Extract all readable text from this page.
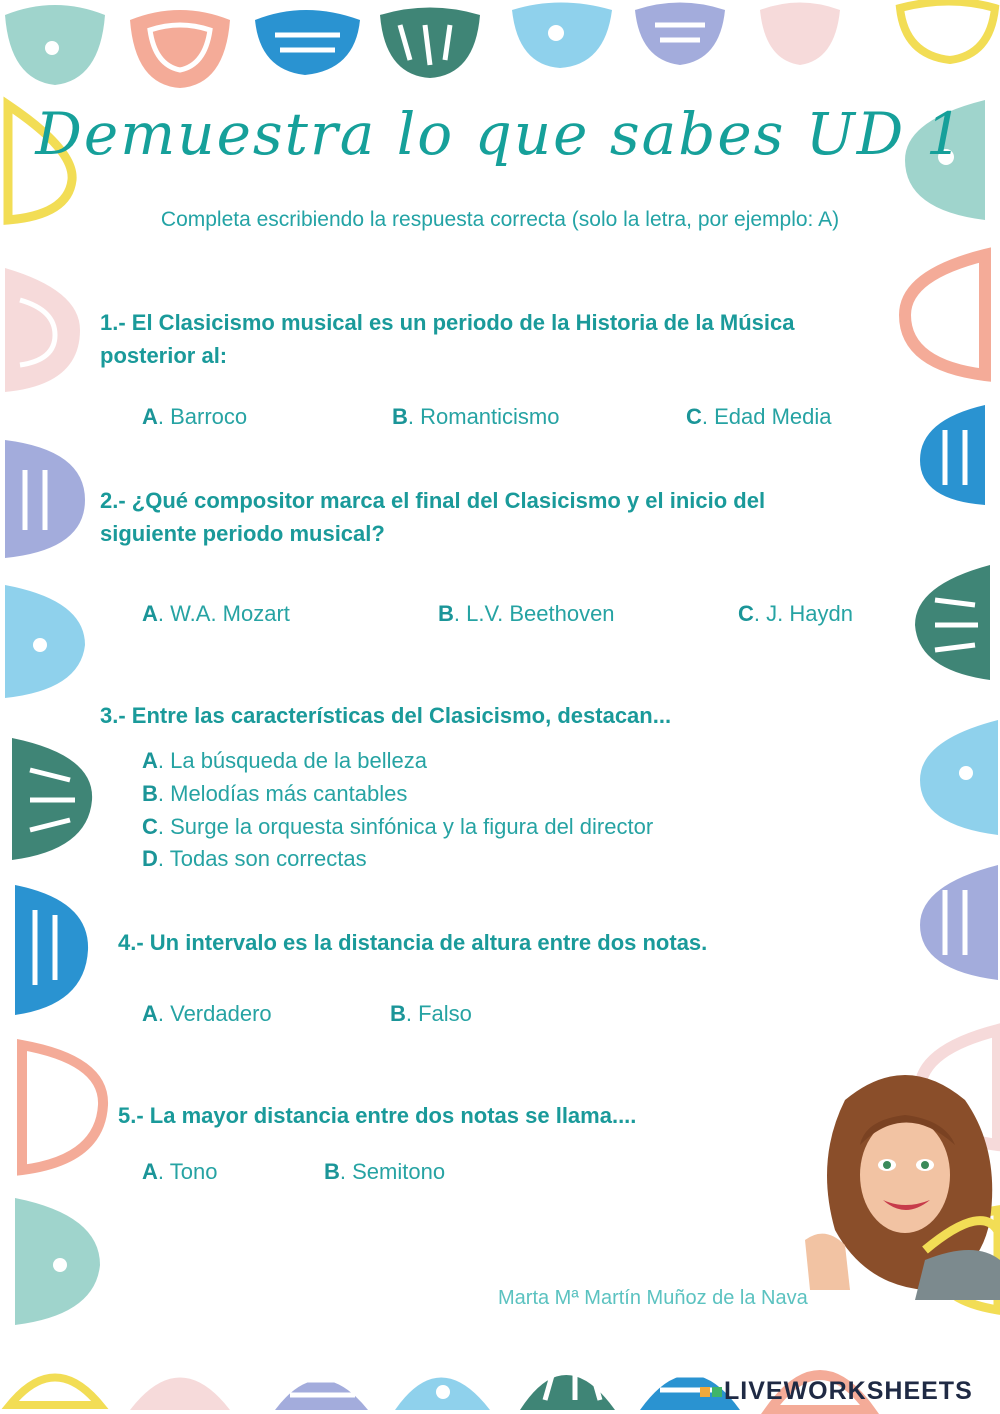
Demuestra lo que sabes UD 1
Completa escribiendo la respuesta correcta (solo la letra, por ejemplo: A)
1.- El Clasicismo musical es un periodo de la Historia de la Música
posterior al:
A. Barroco	B. Romanticismo	C. Edad Media
2.- ¿Qué compositor marca el final del Clasicismo y el inicio del
siguiente periodo musical?
A. W.A. Mozart	B. L.V. Beethoven	C. J. Haydn
3.- Entre las características del Clasicismo, destacan...
A. La búsqueda de la belleza
B. Melodías más cantables
C. Surge la orquesta sinfónica y la figura del director
D. Todas son correctas
4.- Un intervalo es la distancia de altura entre dos notas.
A. Verdadero	B. Falso
5.- La mayor distancia entre dos notas se llama....
A. Tono	B. Semitono
Marta Mª Martín Muñoz de la Nava
LIVEWORKSHEETS
